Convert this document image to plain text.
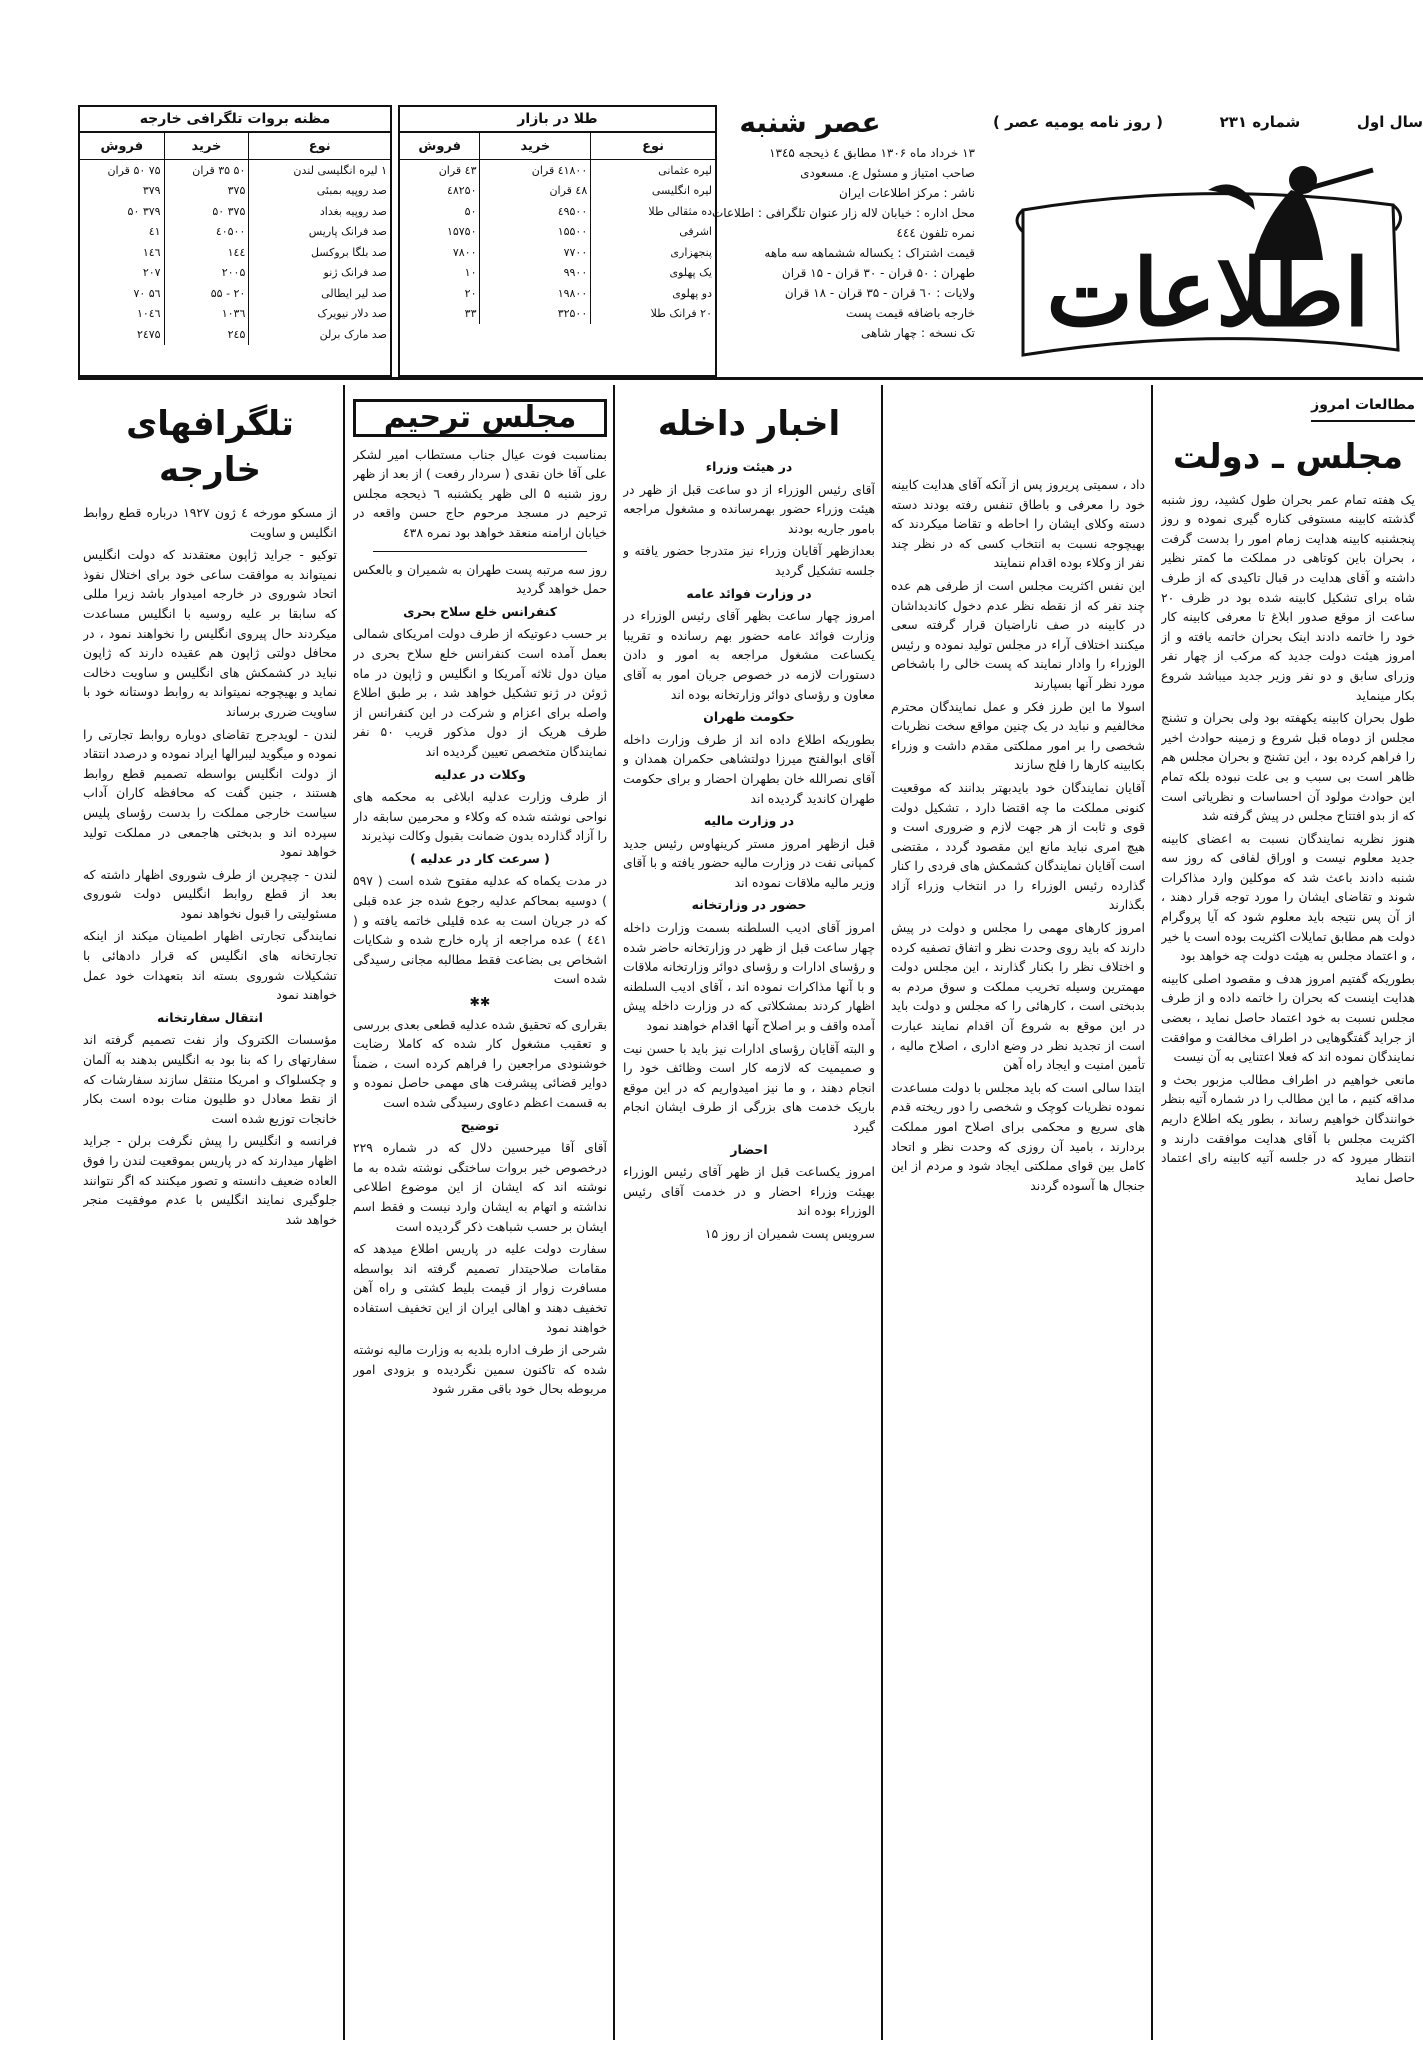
سال اول
شماره ۲۳۱
( روز نامه یومیه عصر )
اطلاعات
عصر شنبه
۱۳ خرداد ماه ۱۳۰۶ مطابق ٤ ذیحجه ۱۳٤۵
صاحب امتیاز و مسئول ع. مسعودی
ناشر : مرکز اطلاعات ایران
محل اداره : خیابان لاله زار عنوان تلگرافی : اطلاعات
نمره تلفون ٤٤٤
قیمت اشتراک : یکساله ششماهه سه ماهه
طهران : ۵۰ قران - ۳۰ قران - ۱۵ قران
ولایات : ٦۰ قران - ۳۵ قران - ۱۸ قران
خارجه باضافه قیمت پست
تک نسخه : چهار شاهی
طلا در بازار
نوع	خرید	فروش
لیره عثمانی	٤۱۸۰۰ قران	٤۳ قران
لیره انگلیسی	٤۸ قران	٤۸۲۵۰
ده مثقالی طلا	٤۹۵۰۰	۵۰
اشرفی	۱۵۵۰۰	۱۵۷۵۰
پنجهزاری	۷۷۰۰	۷۸۰۰
یک پهلوی	۹۹۰۰	۱۰
دو پهلوی	۱۹۸۰۰	۲۰
۲۰ فرانک طلا	۳۲۵۰۰	۳۳
مظنه بروات تلگرافی خارجه
نوع	خرید	فروش
۱ لیره انگلیسی لندن	۵۰ ۳۵ قران	۷۵ ۵۰ قران
صد روپیه بمبئی	۳۷۵	۳۷۹
صد روپیه بغداد	۳۷۵ ۵۰	۳۷۹ ۵۰
صد فرانک پاریس	٤۰۵۰۰	٤۱
صد بلگا بروکسل	۱٤٤	۱٤٦
صد فرانک ژنو	۲۰۰۵	۲۰۷
صد لیر ایطالی	۲۰ - ۵۵	۵٦ ۷۰
صد دلار نیویرک	۱۰۳٦	۱۰٤٦
صد مارک برلن	۲٤۵	۲٤۷۵
مطالعات امروز
مجلس ـ دولت

یک هفته تمام عمر بحران طول کشید، روز شنبه گذشته کابینه مستوفی کناره گیری نموده و روز پنجشنبه کابینه هدایت زمام امور را بدست گرفت ، بحران باین کوتاهی در مملکت ما کمتر نظیر داشته و آقای هدایت در قبال تاکیدی که از طرف شاه برای تشکیل کابینه شده بود در ظرف ۲۰ ساعت از موقع صدور ابلاغ تا معرفی کابینه کار خود را خاتمه دادند اینک بحران خاتمه یافته و از امروز هیئت دولت جدید که مرکب از چهار نفر وزرای سابق و دو نفر وزیر جدید میباشد شروع بکار مینماید

طول بحران کابینه یکهفته بود ولی بحران و تشنج مجلس از دوماه قبل شروع و زمینه حوادث اخیر را فراهم کرده بود ، این تشنج و بحران مجلس هم ظاهر است بی سبب و بی علت نبوده بلکه تمام این حوادث مولود آن احساسات و نظریاتی است که از بدو افتتاح مجلس در پیش گرفته شد

هنوز نظریه نمایندگان نسبت به اعضای کابینه جدید معلوم نیست و اوراق لفافی که روز سه شنبه دادند باعث شد که موکلین وارد مذاکرات شوند و تقاضای ایشان را مورد توجه قرار دهند ، از آن پس نتیجه باید معلوم شود که آیا پروگرام دولت هم مطابق تمایلات اکثریت بوده است یا خیر ، و اعتماد مجلس به هیئت دولت چه خواهد بود

بطوریکه گفتیم امروز هدف و مقصود اصلی کابینه هدایت اینست که بحران را خاتمه داده و از طرف مجلس نسبت به خود اعتماد حاصل نماید ، بعضی از جراید گفتگوهایی در اطراف مخالفت و موافقت نمایندگان نموده اند که فعلا اعتنایی به آن نیست

مانعی خواهیم در اطراف مطالب مزبور بحث و مداقه کنیم ، ما این مطالب را در شماره آتیه بنظر خوانندگان خواهیم رساند ، بطور یکه اطلاع داریم اکثریت مجلس با آقای هدایت موافقت دارند و انتظار میرود که در جلسه آتیه کابینه رای اعتماد حاصل نماید

داد ، سمیتی پریروز پس از آنکه آقای هدایت کابینه خود را معرفی و باطاق تنفس رفته بودند دسته دسته وکلای ایشان را احاطه و تقاضا میکردند که بهیچوجه نسبت به انتخاب کسی که در نظر چند نفر از وکلاء بوده اقدام ننمایند

این نفس اکثریت مجلس است از طرفی هم عده چند نفر که از نقطه نظر عدم دخول کاندیداشان در کابینه در صف ناراضیان قرار گرفته سعی میکنند اختلاف آراء در مجلس تولید نموده و رئیس الوزراء را وادار نمایند که پست خالی را باشخاص مورد نظر آنها بسپارند

اسولا ما این طرز فکر و عمل نمایندگان محترم مخالفیم و نباید در یک چنین مواقع سخت نظریات شخصی را بر امور مملکتی مقدم داشت و وزراء بکابینه کارها را فلج سازند

آقایان نمایندگان خود بایدبهتر بدانند که موقعیت کنونی مملکت ما چه اقتضا دارد ، تشکیل دولت قوی و ثابت از هر جهت لازم و ضروری است و هیچ امری نباید مانع این مقصود گردد ، مقتضی است آقایان نمایندگان کشمکش های فردی را کنار گذارده رئیس الوزراء را در انتخاب وزراء آزاد بگذارند

امروز کارهای مهمی را مجلس و دولت در پیش دارند که باید روی وحدت نظر و اتفاق تصفیه کرده و اختلاف نظر را بکنار گذارند ، این مجلس دولت مهمترین وسیله تخریب مملکت و سوق مردم به بدبختی است ، کارهائی را که مجلس و دولت باید در این موقع به شروع آن اقدام نمایند عبارت است از تجدید نظر در وضع اداری ، اصلاح مالیه ، تأمین امنیت و ایجاد راه آهن

ابتدا سالی است که باید مجلس با دولت مساعدت نموده نظریات کوچک و شخصی را دور ریخته قدم های سریع و محکمی برای اصلاح امور مملکت بردارند ، بامید آن روزی که وحدت نظر و اتحاد کامل بین قوای مملکتی ایجاد شود و مردم از این جنجال ها آسوده گردند

اخبار داخله
در هیئت وزراء

آقای رئیس الوزراء از دو ساعت قبل از ظهر در هیئت وزراء حضور بهمرسانده و مشغول مراجعه بامور جاریه بودند

بعدازظهر آقایان وزراء نیز متدرجا حضور یافته و جلسه تشکیل گردید

در وزارت فوائد عامه

امروز چهار ساعت بظهر آقای رئیس الوزراء در وزارت فوائد عامه حضور بهم رسانده و تقریبا یکساعت مشغول مراجعه به امور و دادن دستورات لازمه در خصوص جریان امور به آقای معاون و رؤسای دوائر وزارتخانه بوده اند

حکومت طهران

بطوریکه اطلاع داده اند از طرف وزارت داخله آقای ابوالفتح میرزا دولتشاهی حکمران همدان و آقای نصرالله خان بطهران احضار و برای حکومت طهران کاندید گردیده اند

در وزارت مالیه

قبل ازظهر امروز مستر کرینهاوس رئیس جدید کمپانی نفت در وزارت مالیه حضور یافته و با آقای وزیر مالیه ملاقات نموده اند

حضور در وزارتخانه

امروز آقای ادیب السلطنه بسمت وزارت داخله چهار ساعت قبل از ظهر در وزارتخانه حاضر شده و رؤسای ادارات و رؤسای دوائر وزارتخانه ملاقات و با آنها مذاکرات نموده اند ، آقای ادیب السلطنه اظهار کردند بمشکلاتی که در وزارت داخله پیش آمده واقف و بر اصلاح آنها اقدام خواهند نمود

و البته آقایان رؤسای ادارات نیز باید با حسن نیت و صمیمیت که لازمه کار است وظائف خود را انجام دهند ، و ما نیز امیدواریم که در این موقع باریک خدمت های بزرگی از طرف ایشان انجام گیرد

احضار

امروز یکساعت قبل از ظهر آقای رئیس الوزراء بهیئت وزراء احضار و در خدمت آقای رئیس الوزراء بوده اند

سرویس پست شمیران از روز ۱۵

مجلس ترحیم

بمناسبت فوت عیال جناب مستطاب امیر لشکر علی آقا خان نقدی ( سردار رفعت ) از بعد از ظهر روز شنبه ۵ الی ظهر یکشنبه ٦ ذیحجه مجلس ترحیم در مسجد مرحوم حاج حسن واقعه در خیابان ارامنه منعقد خواهد بود نمره ٤۳۸

روز سه مرتبه پست طهران به شمیران و بالعکس حمل خواهد گردید

کنفرانس خلع سلاح بحری

بر حسب دعوتیکه از طرف دولت امریکای شمالی بعمل آمده است کنفرانس خلع سلاح بحری در میان دول ثلاثه آمریکا و انگلیس و ژاپون در ماه ژوئن در ژنو تشکیل خواهد شد ، بر طبق اطلاع واصله برای اعزام و شرکت در این کنفرانس از طرف هریک از دول مذکور قریب ۵۰ نفر نمایندگان متخصص تعیین گردیده اند

وکلات در عدلیه

از طرف وزارت عدلیه ابلاغی به محکمه های نواحی نوشته شده که وکلاء و محرمین سابقه دار را آزاد گذارده بدون ضمانت بقبول وکالت نپذیرند

( سرعت کار در عدلیه )

در مدت یکماه که عدلیه مفتوح شده است ( ۵۹۷ ) دوسیه بمحاکم عدلیه رجوع شده جز عده قبلی که در جریان است به عده قلیلی خاتمه یافته و ( ٤٤۱ ) عده مراجعه از پاره خارج شده و شکایات اشخاص بی بضاعت فقط مطالبه مجانی رسیدگی شده است

✱✱

بقراری که تحقیق شده عدلیه قطعی بعدی بررسی و تعقیب مشغول کار شده که کاملا رضایت خوشنودی مراجعین را فراهم کرده است ، ضمناً دوایر قضائی پیشرفت های مهمی حاصل نموده و به قسمت اعظم دعاوی رسیدگی شده است

توضیح

آقای آقا میرحسین دلال که در شماره ۲۲۹ درخصوص خبر بروات ساختگی نوشته شده به ما نوشته اند که ایشان از این موضوع اطلاعی نداشته و اتهام به ایشان وارد نیست و فقط اسم ایشان بر حسب شباهت ذکر گردیده است

سفارت دولت علیه در پاریس اطلاع میدهد که مقامات صلاحیتدار تصمیم گرفته اند بواسطه مسافرت زوار از قیمت بلیط کشتی و راه آهن تخفیف دهند و اهالی ایران از این تخفیف استفاده خواهند نمود

شرحی از طرف اداره بلدیه به وزارت مالیه نوشته شده که تاکنون سمین نگردیده و بزودی امور مربوطه بحال خود باقی مقرر شود

تلگرافهای خارجه

از مسکو مورخه ٤ ژون ۱۹۲۷ درباره قطع روابط انگلیس و ساویت

توکیو - جراید ژاپون معتقدند که دولت انگلیس نمیتواند به موافقت ساعی خود برای اختلال نفوذ اتحاد شوروی در خارجه امیدوار باشد زیرا مللی که سابقا بر علیه روسیه با انگلیس مساعدت میکردند حال پیروی انگلیس را نخواهند نمود ، در محافل دولتی ژاپون هم عقیده دارند که ژاپون نباید در کشمکش های انگلیس و ساویت دخالت نماید و بهیچوجه نمیتواند به روابط دوستانه خود با ساویت ضرری برساند

لندن - لویدجرج تقاضای دوباره روابط تجارتی را نموده و میگوید لیبرالها ایراد نموده و درصدد انتقاد از دولت انگلیس بواسطه تصمیم قطع روابط هستند ، جنین گفت که محافظه کاران آداب سیاست خارجی مملکت را بدست رؤسای پلیس سپرده اند و بدبختی هاجمعی در مملکت تولید خواهد نمود

لندن - چیچرین از طرف شوروی اظهار داشته که بعد از قطع روابط انگلیس دولت شوروی مسئولیتی را قبول نخواهد نمود

نمایندگی تجارتی اظهار اطمینان میکند از اینکه تجارتخانه های انگلیس که قرار دادهائی با تشکیلات شوروی بسته اند بتعهدات خود عمل خواهند نمود

انتقال سفارتخانه

مؤسسات الکتروک واز نفت تصمیم گرفته اند سفارتهای را که بنا بود به انگلیس بدهند به آلمان و چکسلواک و امریکا منتقل سازند سفارشات که از نقط معادل دو طلیون منات بوده است بکار خانجات توزیع شده است

فرانسه و انگلیس را پیش نگرفت برلن - جراید اظهار میدارند که در پاریس بموقعیت لندن را فوق العاده ضعیف دانسته و تصور میکنند که اگر نتوانند جلوگیری نمایند انگلیس با عدم موفقیت منجر خواهد شد
